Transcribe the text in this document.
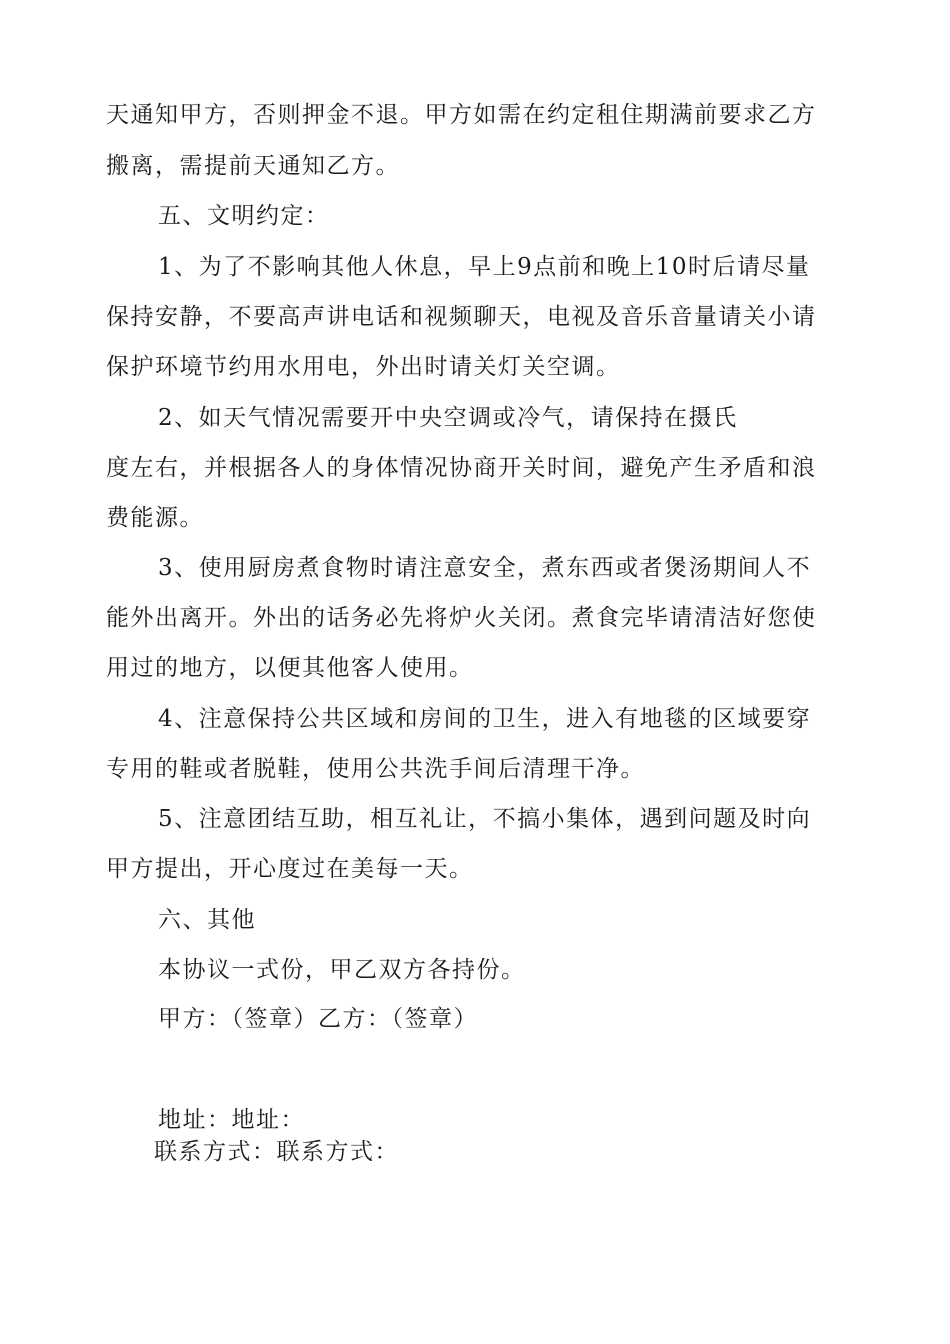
天通知甲方，否则押金不退。甲方如需在约定租住期满前要求乙方
搬离，需提前天通知乙方。
五、文明约定：
1、为了不影响其他人休息，早上9点前和晚上10时后请尽量
保持安静，不要高声讲电话和视频聊天，电视及音乐音量请关小请
保护环境节约用水用电，外出时请关灯关空调。
2、如天气情况需要开中央空调或冷气，请保持在摄氏
度左右，并根据各人的身体情况协商开关时间，避免产生矛盾和浪
费能源。
3、使用厨房煮食物时请注意安全，煮东西或者煲汤期间人不
能外出离开。外出的话务必先将炉火关闭。煮食完毕请清洁好您使
用过的地方，以便其他客人使用。
4、注意保持公共区域和房间的卫生，进入有地毯的区域要穿
专用的鞋或者脱鞋，使用公共洗手间后清理干净。
5、注意团结互助，相互礼让，不搞小集体，遇到问题及时向
甲方提出，开心度过在美每一天。
六、其他
本协议一式份，甲乙双方各持份。
甲方：（签章）乙方：（签章）
地址：地址：
联系方式：联系方式：
